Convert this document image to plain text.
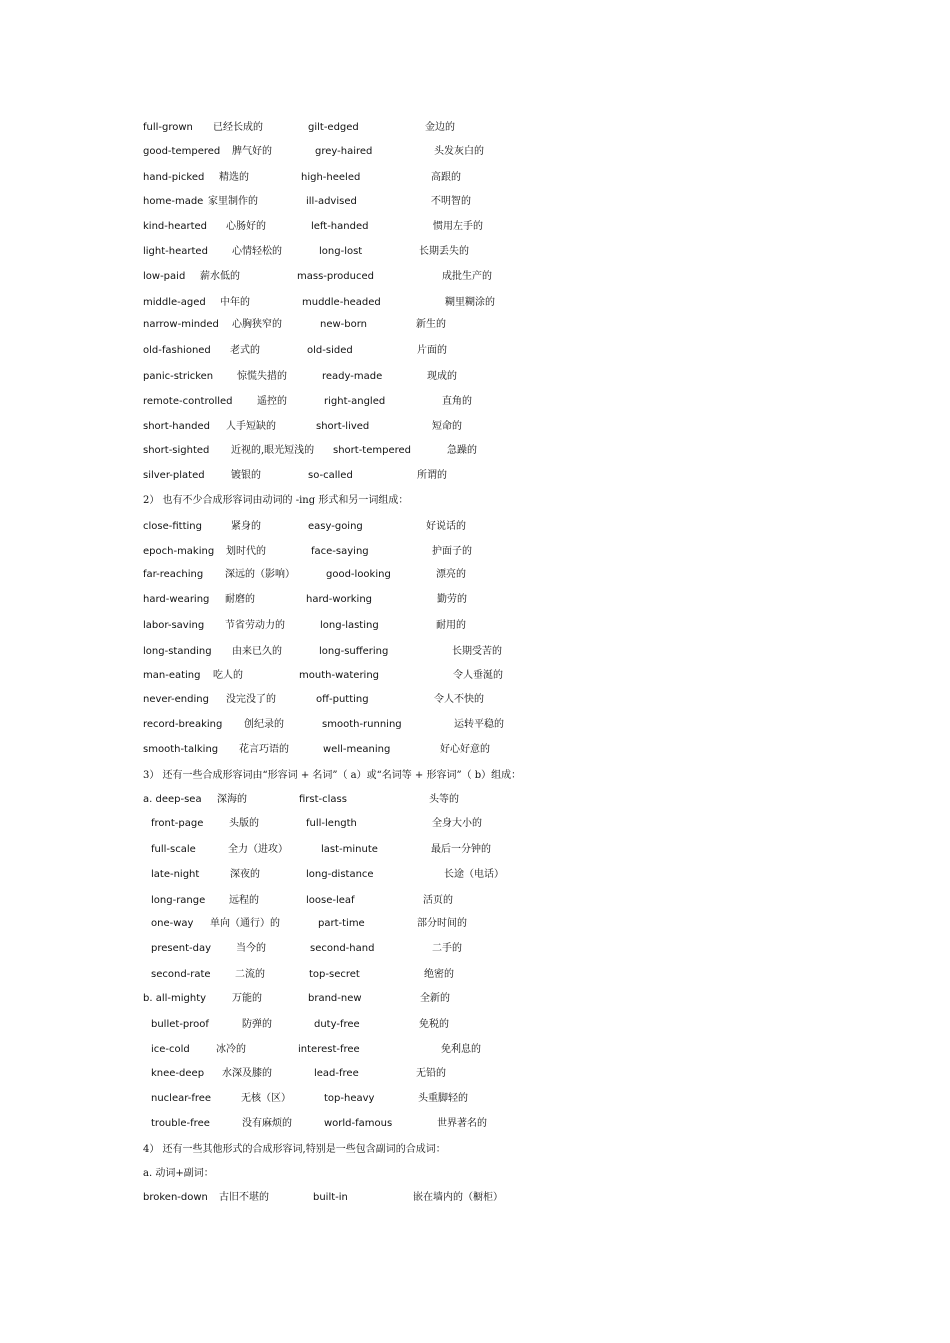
full-grown 已经长成的	gilt-edged	金边的
good-tempered 脾气好的	grey-haired	头发灰白的
hand-picked 精选的	high-heeled	高跟的
home-made 家里制作的	ill-advised	不明智的
kind-hearted 心肠好的	left-handed	惯用左手的
light-hearted 心情轻松的	long-lost	长期丢失的
low-paid 薪水低的	mass-produced	成批生产的
middle-aged 中年的	muddle-headed	糊里糊涂的
narrow-minded 心胸狭窄的	new-born	新生的
old-fashioned 老式的	old-sided	片面的
panic-stricken 惊慌失措的	ready-made	现成的
remote-controlled 遥控的	right-angled	直角的
short-handed 人手短缺的	short-lived	短命的
short-sighted 近视的,眼光短浅的 short-tempered	急躁的
silver-plated	镀银的	so-called	所谓的
2） 也有不少合成形容词由动词的 -ing 形式和另一词组成：
close-fitting	紧身的	easy-going	好说话的
epoch-making 划时代的	face-saying	护面子的
far-reaching 深远的（影响）	good-looking	漂亮的
hard-wearing 耐磨的	hard-working	勤劳的
labor-saving 节省劳动力的	long-lasting	耐用的
long-standing 由来已久的	long-suffering	长期受苦的
man-eating 吃人的	mouth-watering	令人垂涎的
never-ending 没完没了的	off-putting	令人不快的
record-breaking 创纪录的	smooth-running	运转平稳的
smooth-talking 花言巧语的	well-meaning	好心好意的
3） 还有一些合成形容词由“形容词 + 名词”（ a）或“名词等 + 形容词”（ b）组成：
a. deep-sea 深海的	first-class	头等的
front-page	头版的	full-length	全身大小的
full-scale	全力（进攻）	last-minute	最后一分钟的
late-night	深夜的	long-distance	长途（电话）
long-range 远程的	loose-leaf	活页的
one-way 单向（通行）的	part-time	部分时间的
present-day 当今的	second-hand	二手的
second-rate 二流的	top-secret	绝密的
b. all-mighty	万能的	brand-new	全新的
bullet-proof	防弹的	duty-free	免税的
ice-cold	冰冷的	interest-free	免利息的
knee-deep 水深及膝的	lead-free	无铅的
nuclear-free	无核（区）	top-heavy	头重脚轻的
trouble-free	没有麻烦的	world-famous	世界著名的
4） 还有一些其他形式的合成形容词,特别是一些包含副词的合成词：
a. 动词+副词：
broken-down 古旧不堪的	built-in	嵌在墙内的（橱柜）
